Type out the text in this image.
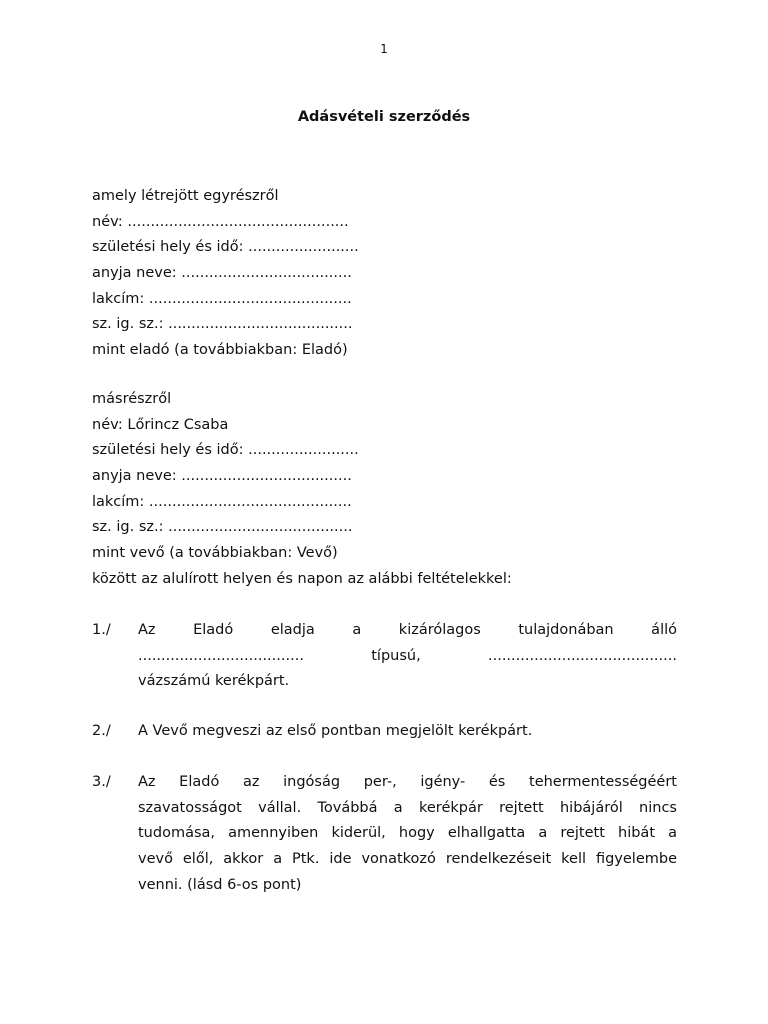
1
Adásvételi szerződés
amely létrejött egyrészről
név: ................................................
születési hely és idő: ........................
anyja neve: .....................................
lakcím: ............................................
sz. ig. sz.: ........................................
mint eladó (a továbbiakban: Eladó)
másrészről
név: Lőrincz Csaba
születési hely és idő: ........................
anyja neve: .....................................
lakcím: ............................................
sz. ig. sz.: ........................................
mint vevő (a továbbiakban: Vevő)
között az alulírott helyen és napon az alábbi feltételekkel:
1./ Az Eladó eladja a kizárólagos tulajdonában álló
....................................	típusú,	.........................................
vázszámú kerékpárt.
2./ A Vevő megveszi az első pontban megjelölt kerékpárt.
3./ Az Eladó az ingóság per-, igény- és tehermentességéért
szavatosságot vállal. Továbbá a kerékpár rejtett hibájáról nincs
tudomása, amennyiben kiderül, hogy elhallgatta a rejtett hibát a
vevő elől, akkor a Ptk. ide vonatkozó rendelkezéseit kell figyelembe
venni. (lásd 6-os pont)
